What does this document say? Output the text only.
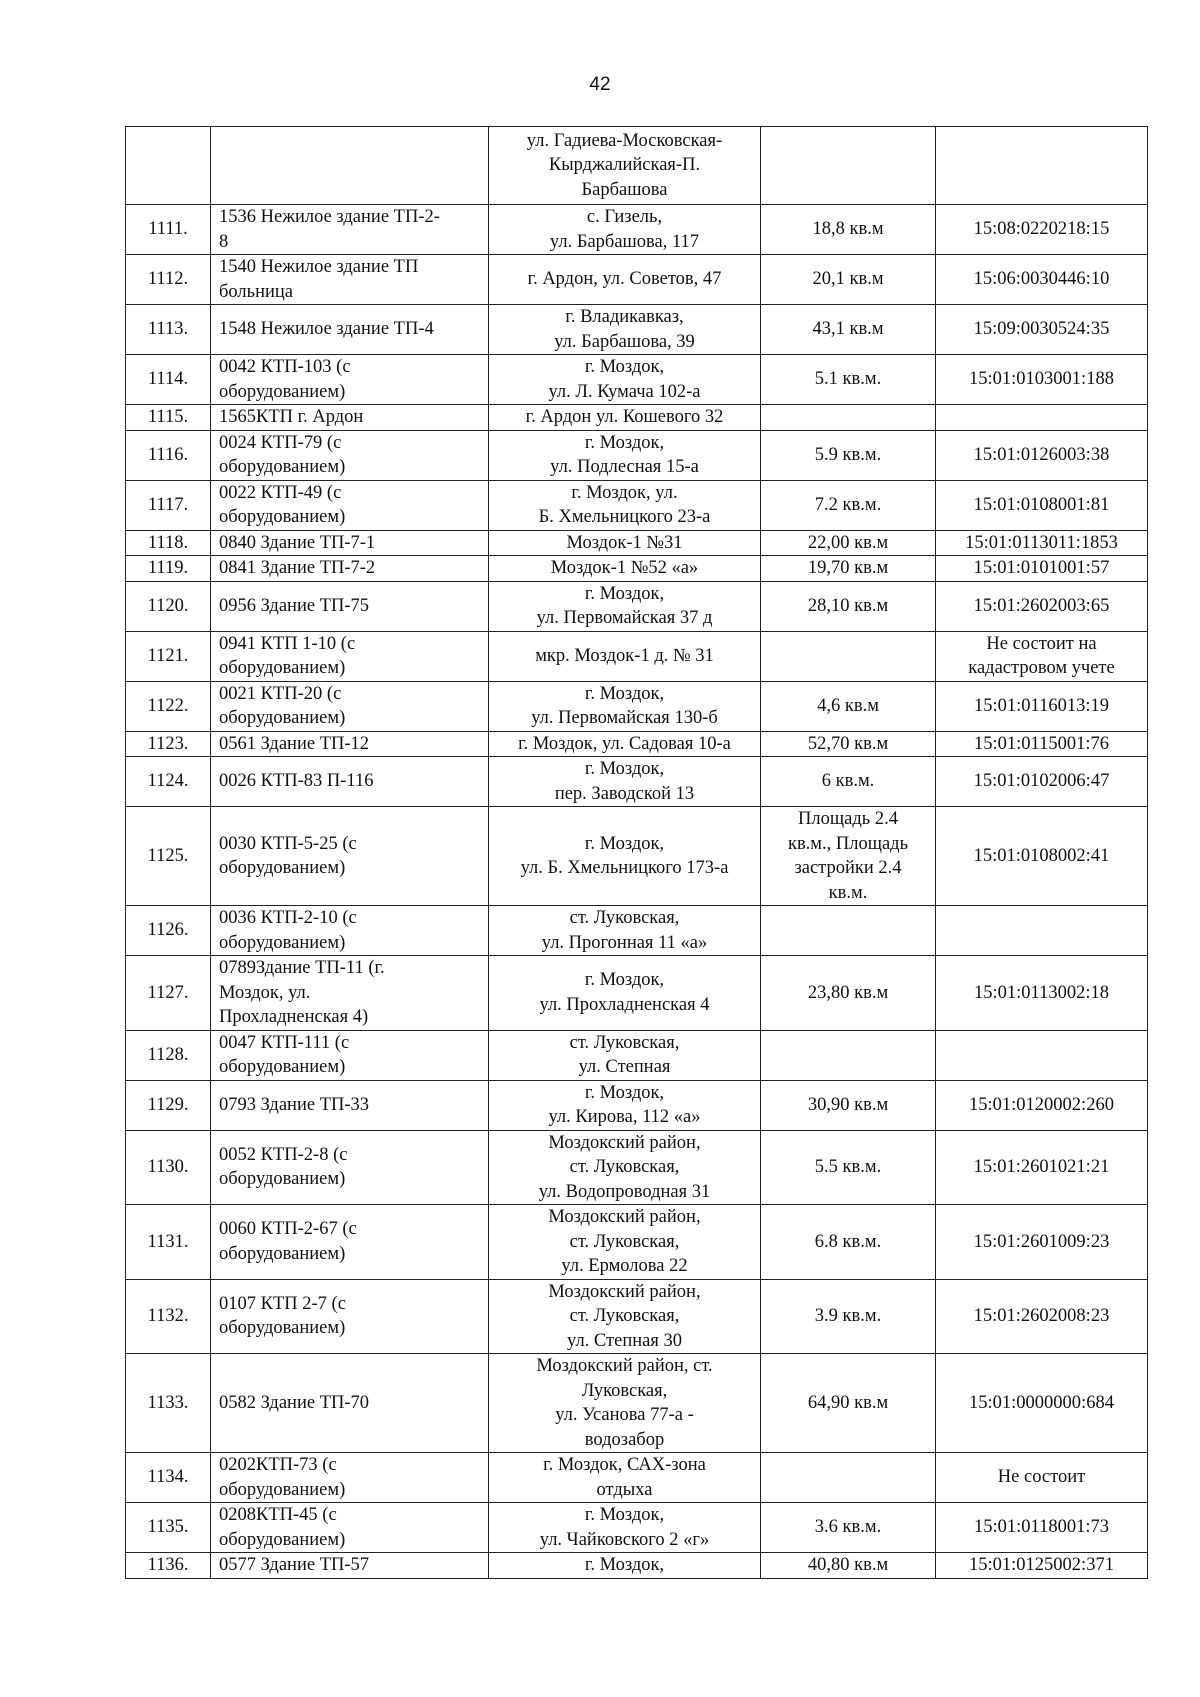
42

		ул. Гадиева-Московская-
Кырджалийская-П.
Барбашова		

1111.	1536 Нежилое здание ТП-2-
8	с. Гизель,
ул. Барбашова, 117	18,8 кв.м	15:08:0220218:15

1112.	1540 Нежилое здание ТП
больница	г. Ардон, ул. Советов, 47	20,1 кв.м	15:06:0030446:10

1113.	1548 Нежилое здание ТП-4	г. Владикавказ,
ул. Барбашова, 39	43,1 кв.м	15:09:0030524:35

1114.	0042 КТП-103 (с
оборудованием)	г. Моздок,
ул. Л. Кумача 102-а	5.1 кв.м.	15:01:0103001:188

1115.	1565КТП г. Ардон	г. Ардон ул. Кошевого 32		

1116.	0024 КТП-79 (с
оборудованием)	г. Моздок,
ул. Подлесная 15-а	5.9 кв.м.	15:01:0126003:38

1117.	0022 КТП-49 (с
оборудованием)	г. Моздок, ул.
Б. Хмельницкого 23-а	7.2 кв.м.	15:01:0108001:81

1118.	0840 Здание ТП-7-1	Моздок-1 №31	22,00 кв.м	15:01:0113011:1853

1119.	0841 Здание ТП-7-2	Моздок-1 №52 «а»	19,70 кв.м	15:01:0101001:57

1120.	0956 Здание ТП-75	г. Моздок,
ул. Первомайская 37 д	28,10 кв.м	15:01:2602003:65

1121.	0941 КТП 1-10 (с
оборудованием)	мкр. Моздок-1 д. № 31		Не состоит на
кадастровом учете

1122.	0021 КТП-20 (с
оборудованием)	г. Моздок,
ул. Первомайская 130-б	4,6 кв.м	15:01:0116013:19

1123.	0561 Здание ТП-12	г. Моздок, ул. Садовая 10-а	52,70 кв.м	15:01:0115001:76

1124.	0026 КТП-83 П-116	г. Моздок,
пер. Заводской 13	6 кв.м.	15:01:0102006:47

1125.	0030 КТП-5-25 (с
оборудованием)	г. Моздок,
ул. Б. Хмельницкого 173-а	Площадь 2.4
кв.м., Площадь
застройки 2.4
кв.м.	15:01:0108002:41

1126.	0036 КТП-2-10 (с
оборудованием)	ст. Луковская,
ул. Прогонная 11 «а»		

1127.	0789Здание ТП-11 (г.
Моздок, ул.
Прохладненская 4)	г. Моздок,
ул. Прохладненская 4	23,80 кв.м	15:01:0113002:18

1128.	0047 КТП-111 (с
оборудованием)	ст. Луковская,
ул. Степная		

1129.	0793 Здание ТП-33	г. Моздок,
ул. Кирова, 112 «а»	30,90 кв.м	15:01:0120002:260

1130.	0052 КТП-2-8 (с
оборудованием)	Моздокский район,
ст. Луковская,
ул. Водопроводная 31	5.5 кв.м.	15:01:2601021:21

1131.	0060 КТП-2-67 (с
оборудованием)	Моздокский район,
ст. Луковская,
ул. Ермолова 22	6.8 кв.м.	15:01:2601009:23

1132.	0107 КТП 2-7 (с
оборудованием)	Моздокский район,
ст. Луковская,
ул. Степная 30	3.9 кв.м.	15:01:2602008:23

1133.	0582 Здание ТП-70	Моздокский район, ст.
Луковская,
ул. Усанова 77-а -
водозабор	64,90 кв.м	15:01:0000000:684

1134.	0202КТП-73 (с
оборудованием)	г. Моздок, САХ-зона
отдыха		Не состоит

1135.	0208КТП-45 (с
оборудованием)	г. Моздок,
ул. Чайковского 2 «г»	3.6 кв.м.	15:01:0118001:73

1136.	0577 Здание ТП-57	г. Моздок,	40,80 кв.м	15:01:0125002:371
